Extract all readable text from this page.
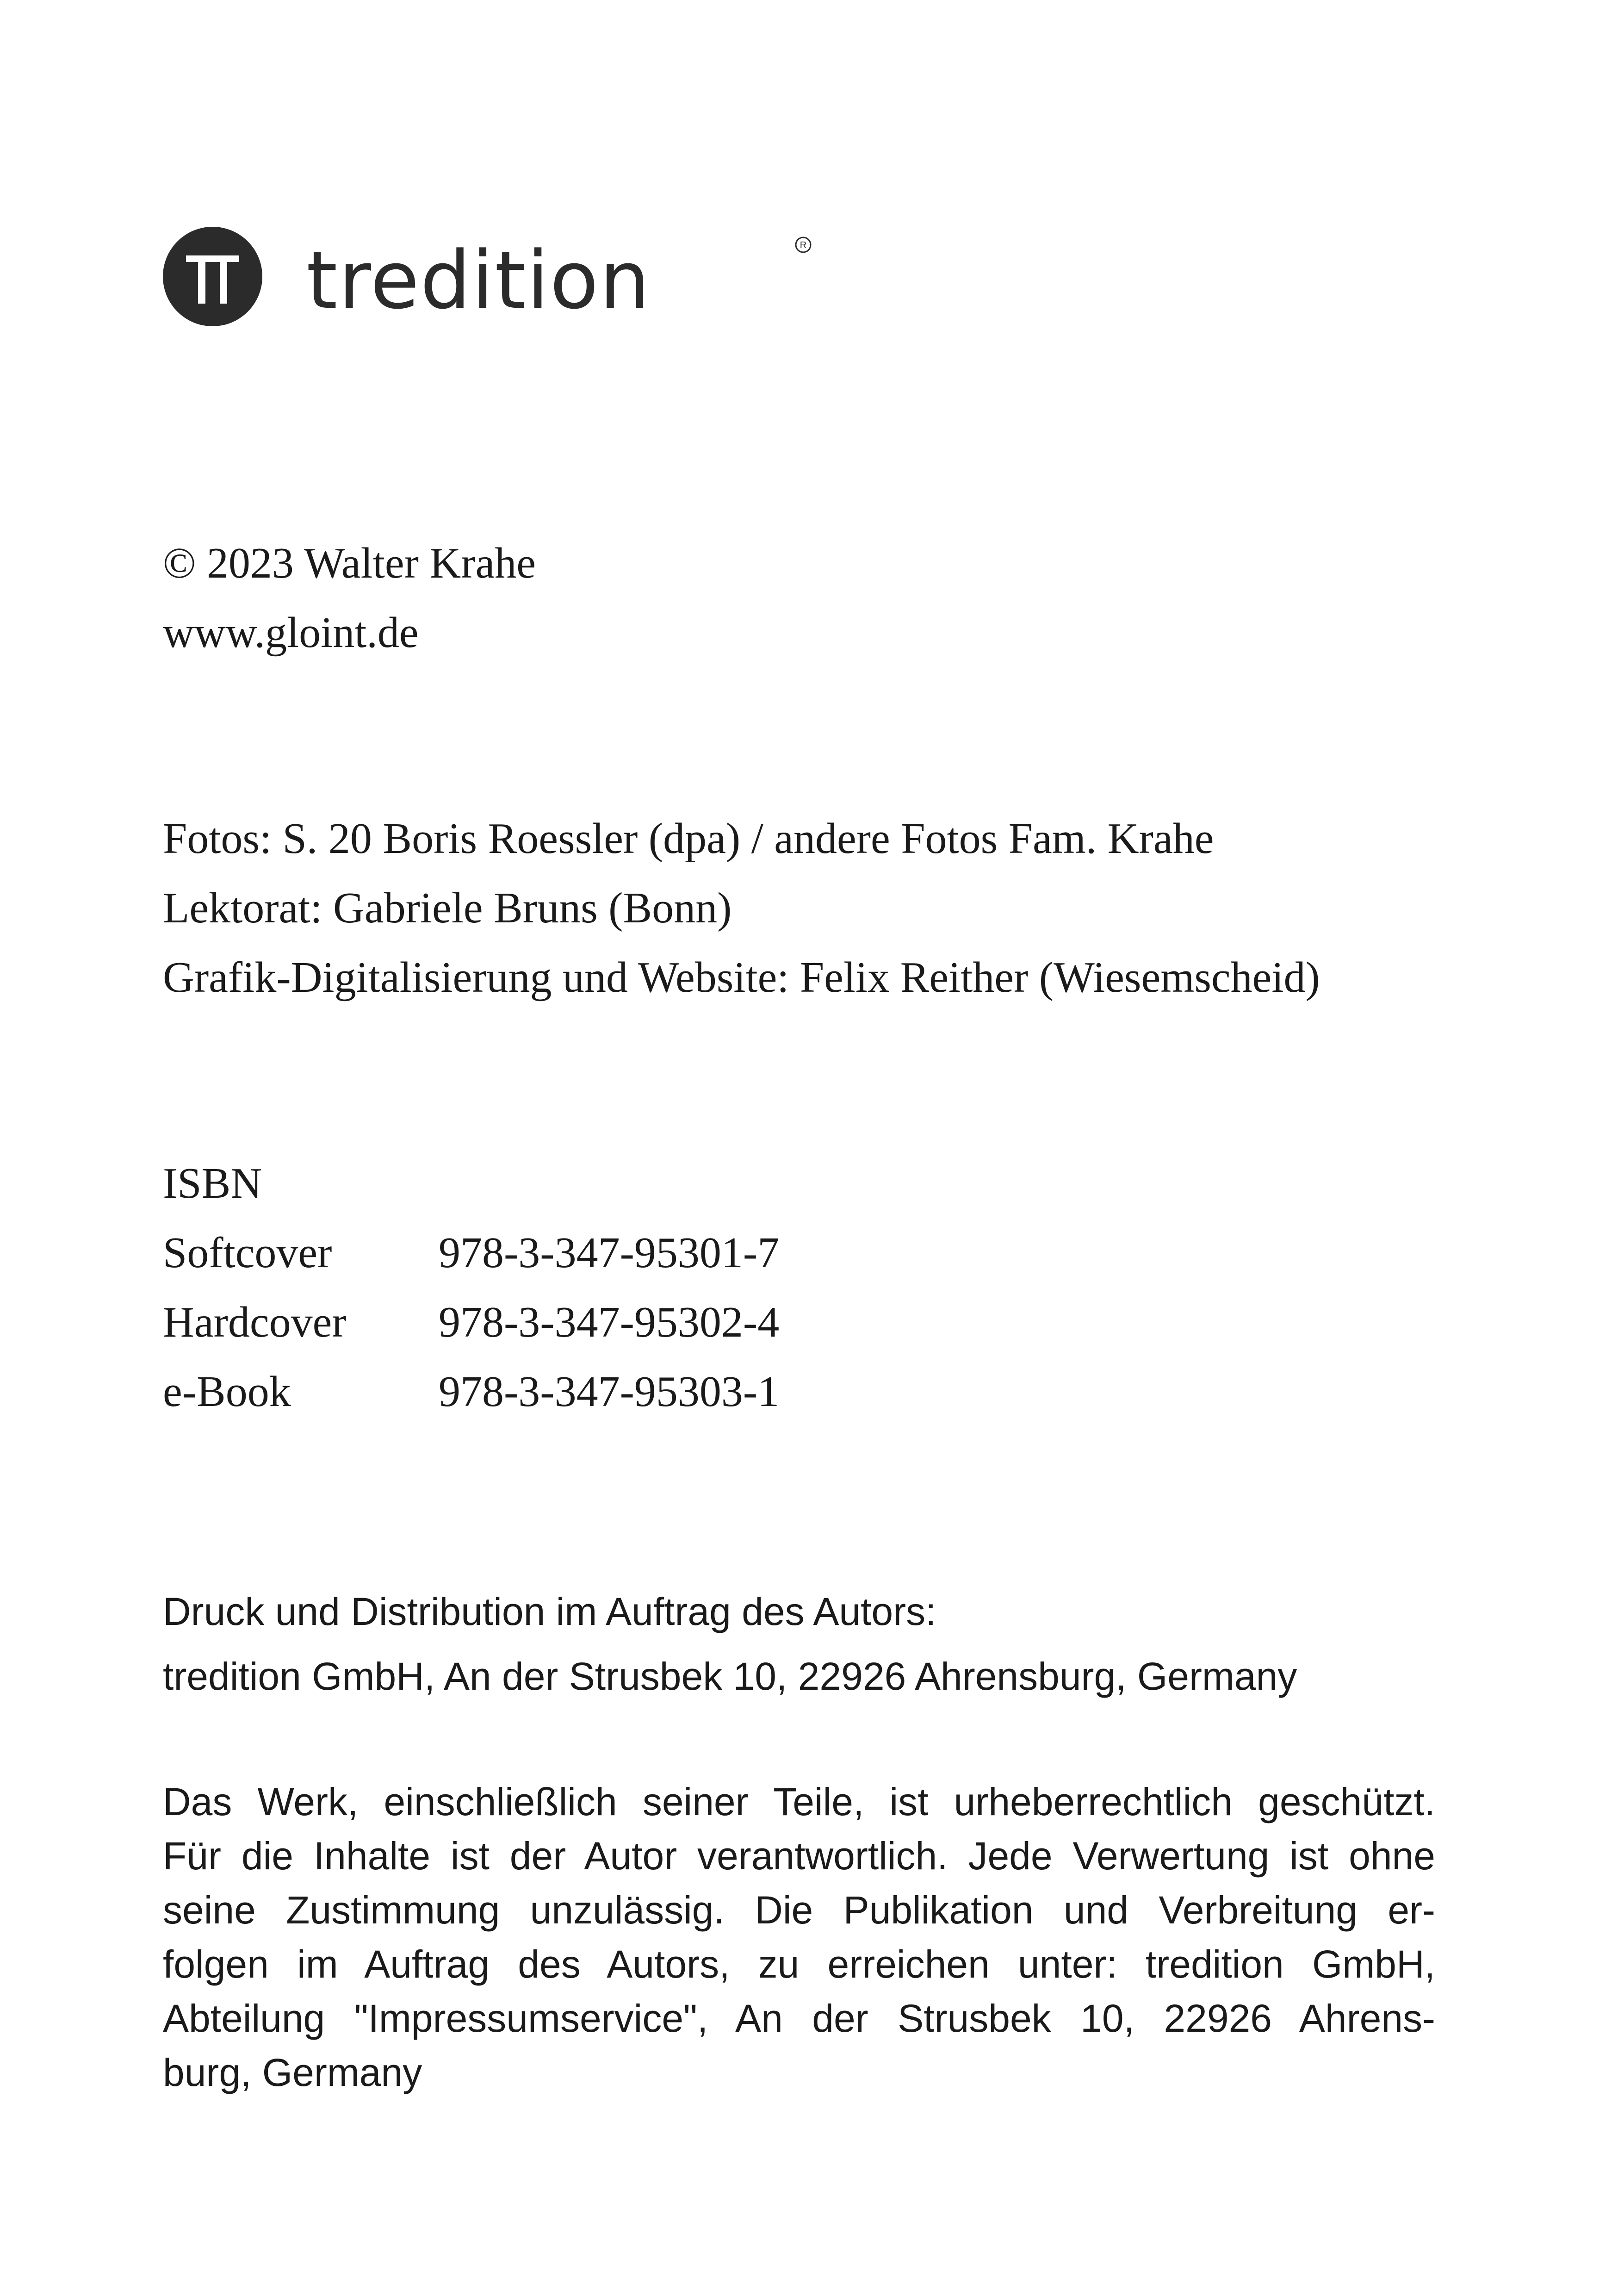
tredition	R
© 2023 Walter Krahe
www.gloint.de
Fotos: S. 20 Boris Roessler (dpa) / andere Fotos Fam. Krahe
Lektorat: Gabriele Bruns (Bonn)
Grafik-Digitalisierung und Website: Felix Reither (Wiesemscheid)
ISBN
Softcover 978-3-347-95301-7
Hardcover 978-3-347-95302-4
e-Book	978-3-347-95303-1
Druck und Distribution im Auftrag des Autors:
tredition GmbH, An der Strusbek 10, 22926 Ahrensburg, Germany
Das Werk, einschließlich seiner Teile, ist urheberrechtlich geschützt.
Für die Inhalte ist der Autor verantwortlich. Jede Verwertung ist ohne
seine Zustimmung unzulässig. Die Publikation und Verbreitung er-
folgen im Auftrag des Autors, zu erreichen unter: tredition GmbH,
Abteilung "Impressumservice", An der Strusbek 10, 22926 Ahrens-
burg, Germany
